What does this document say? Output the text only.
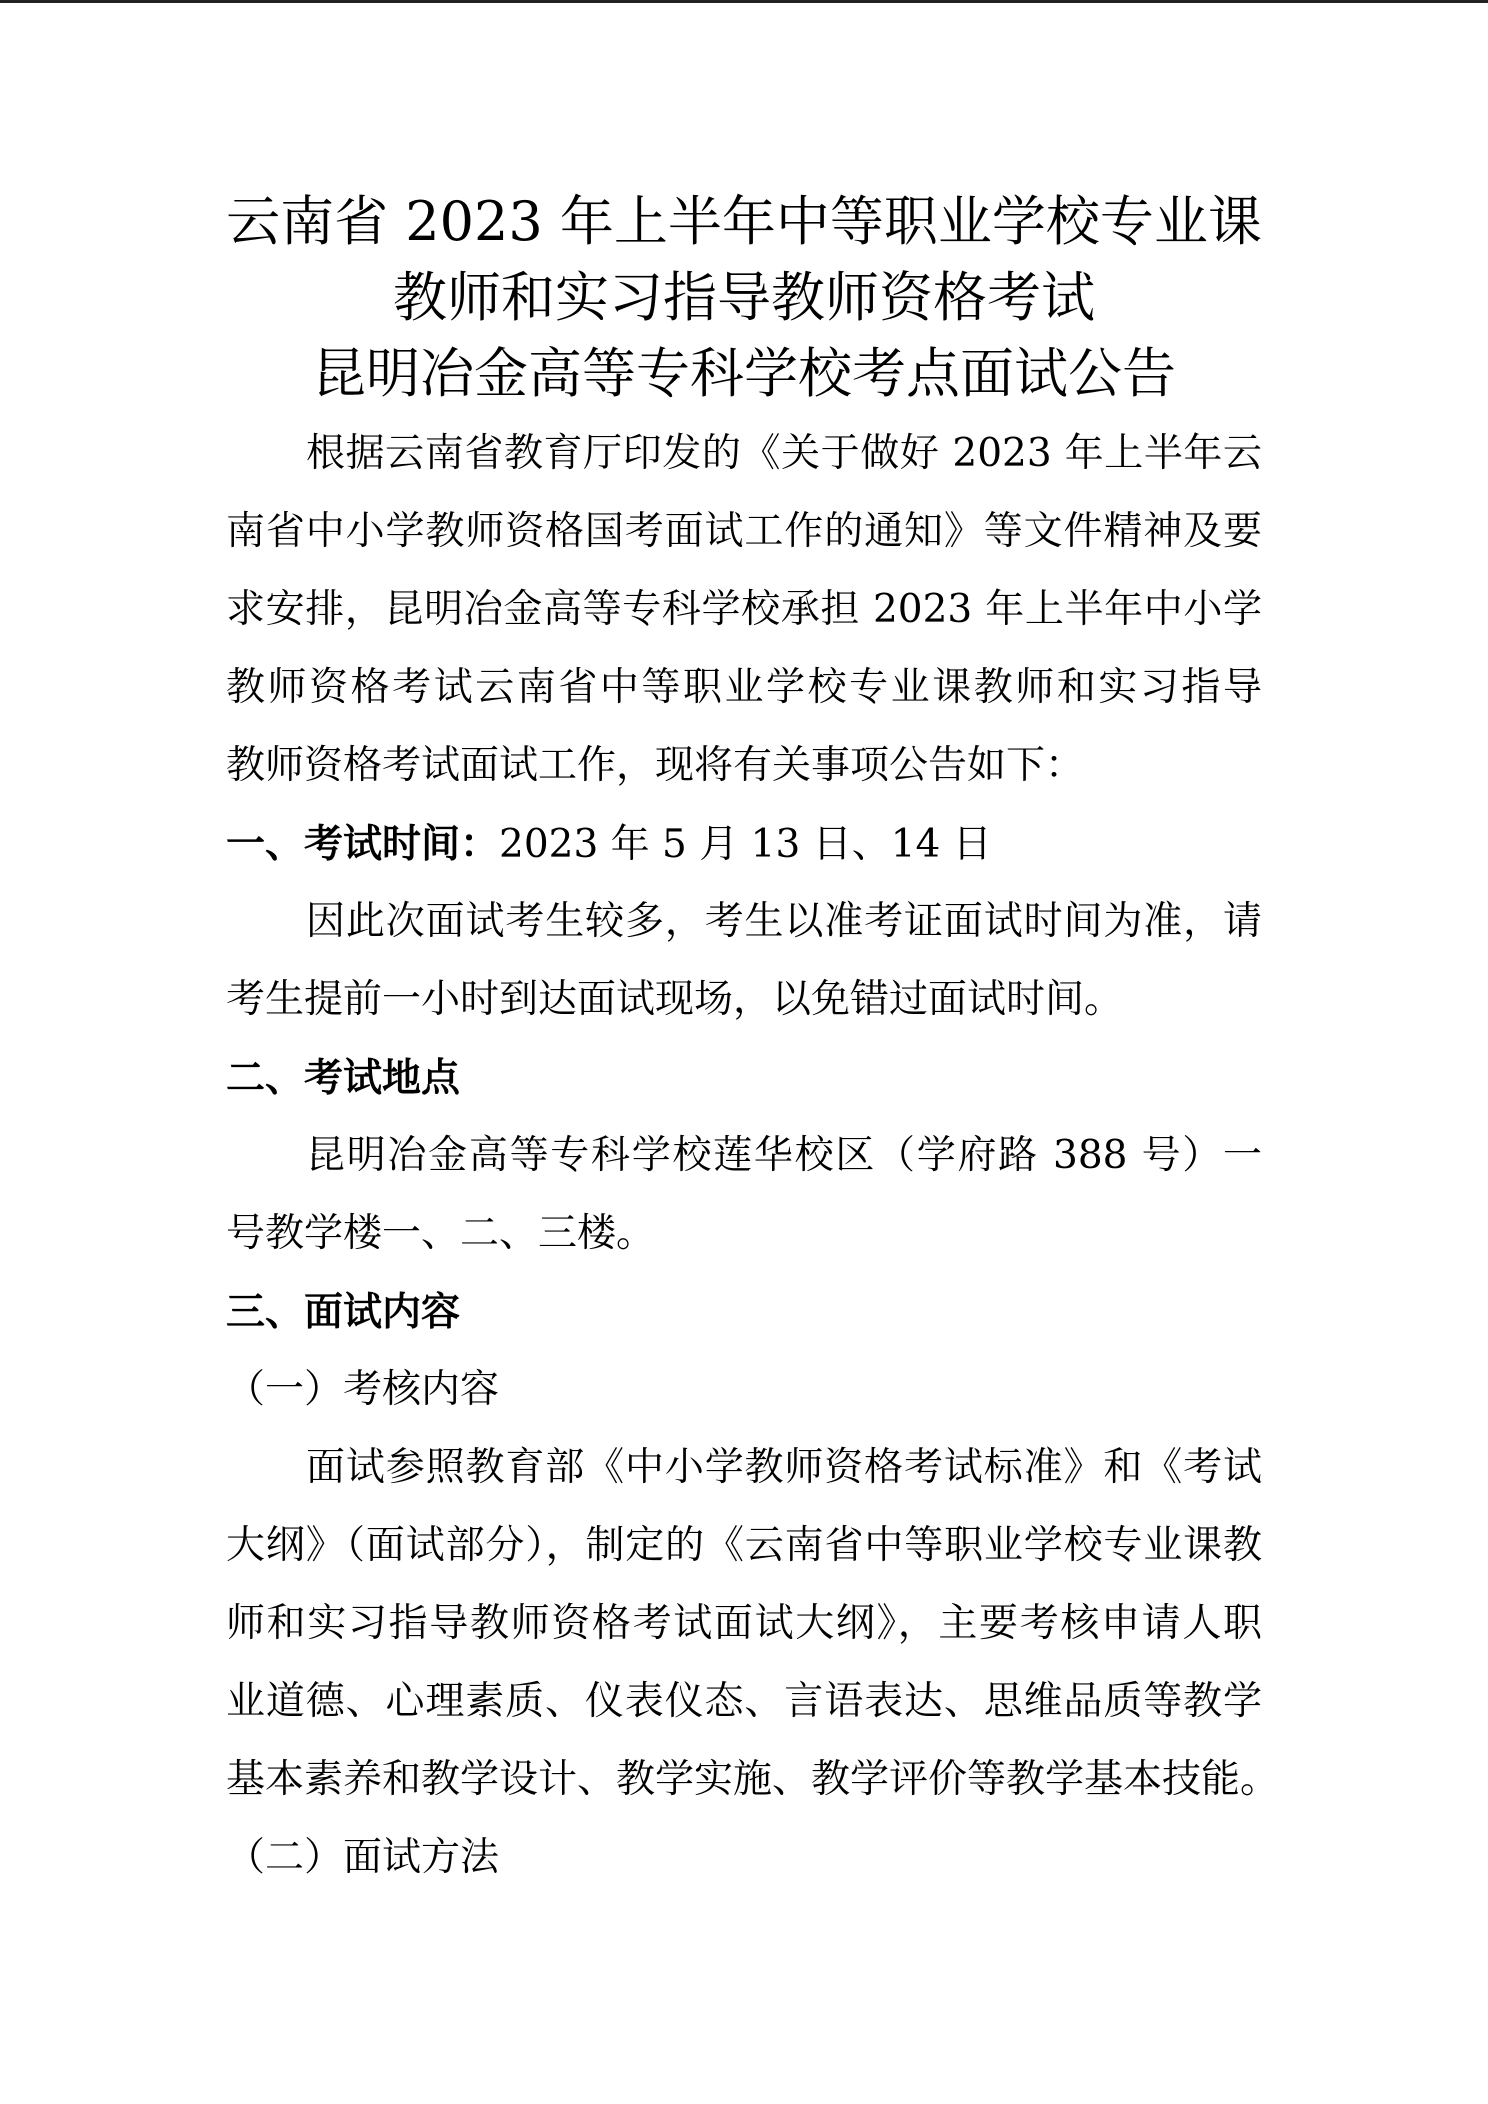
云南省 2023 年上半年中等职业学校专业课
教师和实习指导教师资格考试
昆明冶金高等专科学校考点面试公告
根据云南省教育厅印发的《关于做好 2023 年上半年云
南省中小学教师资格国考面试工作的通知》等文件精神及要
求安排，昆明冶金高等专科学校承担 2023 年上半年中小学
教师资格考试云南省中等职业学校专业课教师和实习指导
教师资格考试面试工作，现将有关事项公告如下：
一、考试时间：2023 年 5 月 13 日、14 日
因此次面试考生较多，考生以准考证面试时间为准，请
考生提前一小时到达面试现场，以免错过面试时间。
二、考试地点
昆明冶金高等专科学校莲华校区（学府路 388 号）一
号教学楼一、二、三楼。
三、面试内容
（一）考核内容
面试参照教育部《中小学教师资格考试标准》和《考试
大纲》（面试部分），制定的《云南省中等职业学校专业课教
师和实习指导教师资格考试面试大纲》，主要考核申请人职
业道德、心理素质、仪表仪态、言语表达、思维品质等教学
基本素养和教学设计、教学实施、教学评价等教学基本技能。
（二）面试方法
